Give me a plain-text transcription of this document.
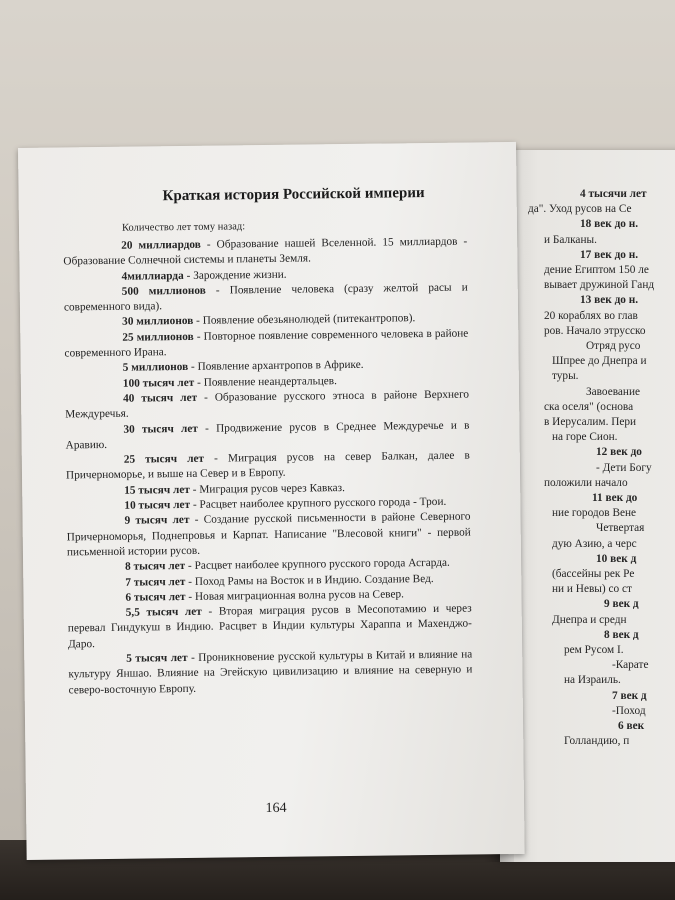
4 тысячи лет
да". Уход русов на Се
18 век до н.
и Балканы.
17 век до н.
дение Египтом 150 ле
вывает дружиной Ганд
13 век до н.
20 кораблях во глав
ров. Начало этрусско
Отряд русо
Шпрее до Днепра и
туры.
Завоевание
ска оселя" (основа
в Иерусалим. Пери
на горе Сион.
12 век до
- Дети Богу
положили начало
11 век до
ние городов Вене
Четвертая
дую Азию, а черс
10 век д
(бассейны рек Ре
ни и Невы) со ст
9 век д
Днепра и средн
8 век д
рем Русом I.
-Карате
на Израиль.
7 век д
-Поход
6 век
Голландию, п
Краткая история Российской империи
Количество лет тому назад:

20 миллиардов - Образование нашей Вселенной. 15 миллиардов - Образование Солнечной системы и планеты Земля.

4миллиарда - Зарождение жизни.

500 миллионов - Появление человека (сразу желтой расы и современного вида).

30 миллионов - Появление обезьянолюдей (питекантропов).

25 миллионов - Повторное появление современного человека в районе современного Ирана.

5 миллионов - Появление архантропов в Африке.

100 тысяч лет - Появление неандертальцев.

40 тысяч лет - Образование русского этноса в районе Верхнего Междуречья.

30 тысяч лет - Продвижение русов в Среднее Междуречье и в Аравию.

25 тысяч лет - Миграция русов на север Балкан, далее в Причерноморье, и выше на Север и в Европу.

15 тысяч лет - Миграция русов через Кавказ.

10 тысяч лет - Расцвет наиболее крупного русского города - Трои.

9 тысяч лет - Создание русской письменности в районе Северного Причерноморья, Поднепровья и Карпат. Написание "Влесовой книги" - первой письменной истории русов.

8 тысяч лет - Расцвет наиболее крупного русского города Асгарда.

7 тысяч лет - Поход Рамы на Восток и в Индию. Создание Вед.

6 тысяч лет - Новая миграционная волна русов на Север.

5,5 тысяч лет - Вторая миграция русов в Месопотамию и через перевал Гиндукуш в Индию. Расцвет в Индии культуры Хараппа и Махенджо-Даро.

5 тысяч лет - Проникновение русской культуры в Китай и влияние на культуру Яншао. Влияние на Эгейскую цивилизацию и влияние на северную и северо-восточную Европу.

164
